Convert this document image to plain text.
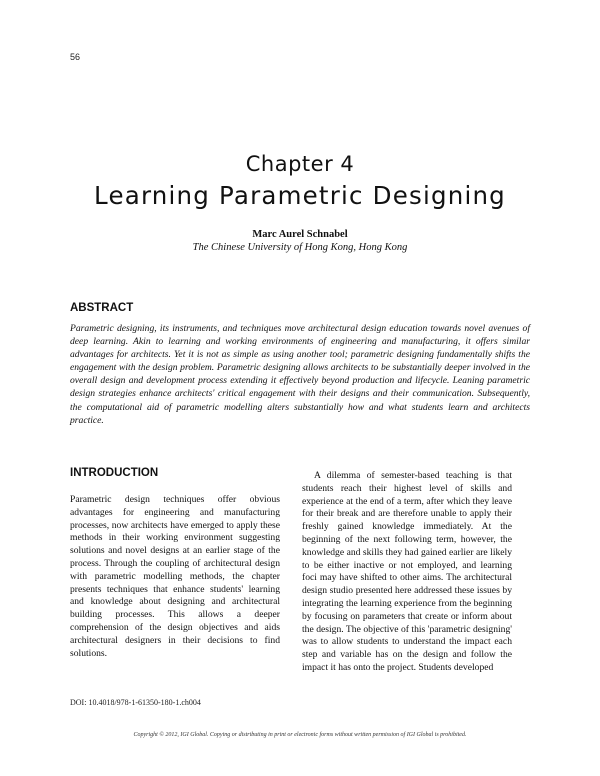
56
Chapter 4
Learning Parametric Designing
Marc Aurel Schnabel
The Chinese University of Hong Kong, Hong Kong
ABSTRACT

Parametric designing, its instruments, and techniques move architectural design education towards novel avenues of deep learning. Akin to learning and working environments of engineering and manufacturing, it offers similar advantages for architects. Yet it is not as simple as using another tool; parametric designing fundamentally shifts the engagement with the design problem. Parametric designing allows architects to be substantially deeper involved in the overall design and development process extending it effectively beyond production and lifecycle. Leaning parametric design strategies enhance architects' critical engagement with their designs and their communication. Subsequently, the computational aid of parametric modelling alters substantially how and what students learn and architects practice.

INTRODUCTION

Parametric design techniques offer obvious advantages for engineering and manufacturing processes, now architects have emerged to apply these methods in their working environment suggesting solutions and novel designs at an earlier stage of the process. Through the coupling of architectural design with parametric modelling methods, the chapter presents techniques that enhance students' learning and knowledge about designing and architectural building processes. This allows a deeper comprehension of the design objectives and aids architectural designers in their decisions to find solutions.

A dilemma of semester-based teaching is that students reach their highest level of skills and experience at the end of a term, after which they leave for their break and are therefore unable to apply their freshly gained knowledge immediately. At the beginning of the next following term, however, the knowledge and skills they had gained earlier are likely to be either inactive or not employed, and learning foci may have shifted to other aims. The architectural design studio presented here addressed these issues by integrating the learning experience from the beginning by focusing on parameters that create or inform about the design. The objective of this 'parametric designing' was to allow students to understand the impact each step and variable has on the design and follow the impact it has onto the project. Students developed

DOI: 10.4018/978-1-61350-180-1.ch004
Copyright © 2012, IGI Global. Copying or distributing in print or electronic forms without written permission of IGI Global is prohibited.
